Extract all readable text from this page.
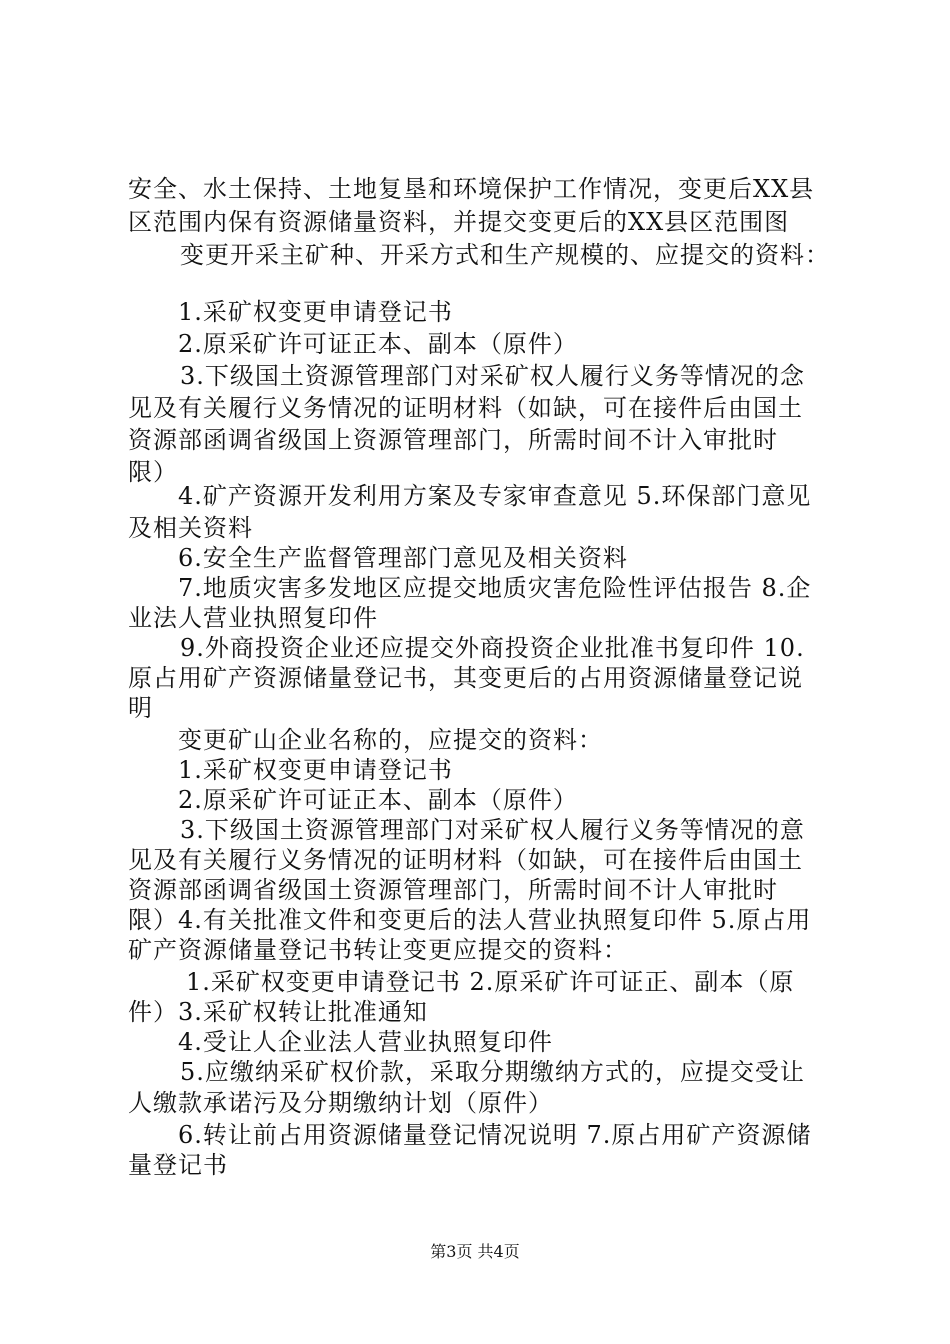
安全、水土保持、土地复垦和环境保护工作情况，变更后XX县
区范围内保有资源储量资料，并提交变更后的XX县区范围图
变更开采主矿种、开采方式和生产规模的、应提交的资料：
1.采矿权变更申请登记书
2.原采矿许可证正本、副本（原件）
3.下级国土资源管理部门对采矿权人履行义务等情况的念
见及有关履行义务情况的证明材料（如缺，可在接件后由国土
资源部函调省级国上资源管理部门，所需时间不计入审批时
限）
4.矿产资源开发利用方案及专家审查意见 5.环保部门意见
及相关资料
6.安全生产监督管理部门意见及相关资料
7.地质灾害多发地区应提交地质灾害危险性评估报告 8.企
业法人营业执照复印件
9.外商投资企业还应提交外商投资企业批准书复印件 10.
原占用矿产资源储量登记书，其变更后的占用资源储量登记说
明
变更矿山企业名称的，应提交的资料：
1.采矿权变更申请登记书
2.原采矿许可证正本、副本（原件）
3.下级国土资源管理部门对采矿权人履行义务等情况的意
见及有关履行义务情况的证明材料（如缺，可在接件后由国土
资源部函调省级国土资源管理部门，所需时间不计人审批时
限）4.有关批准文件和变更后的法人营业执照复印件 5.原占用
矿产资源储量登记书转让变更应提交的资料：
1.采矿权变更申请登记书 2.原采矿许可证正、副本（原
件）3.采矿权转让批准通知
4.受让人企业法人营业执照复印件
5.应缴纳采矿权价款，采取分期缴纳方式的，应提交受让
人缴款承诺污及分期缴纳计划（原件）
6.转让前占用资源储量登记情况说明 7.原占用矿产资源储
量登记书
第3页 共4页
